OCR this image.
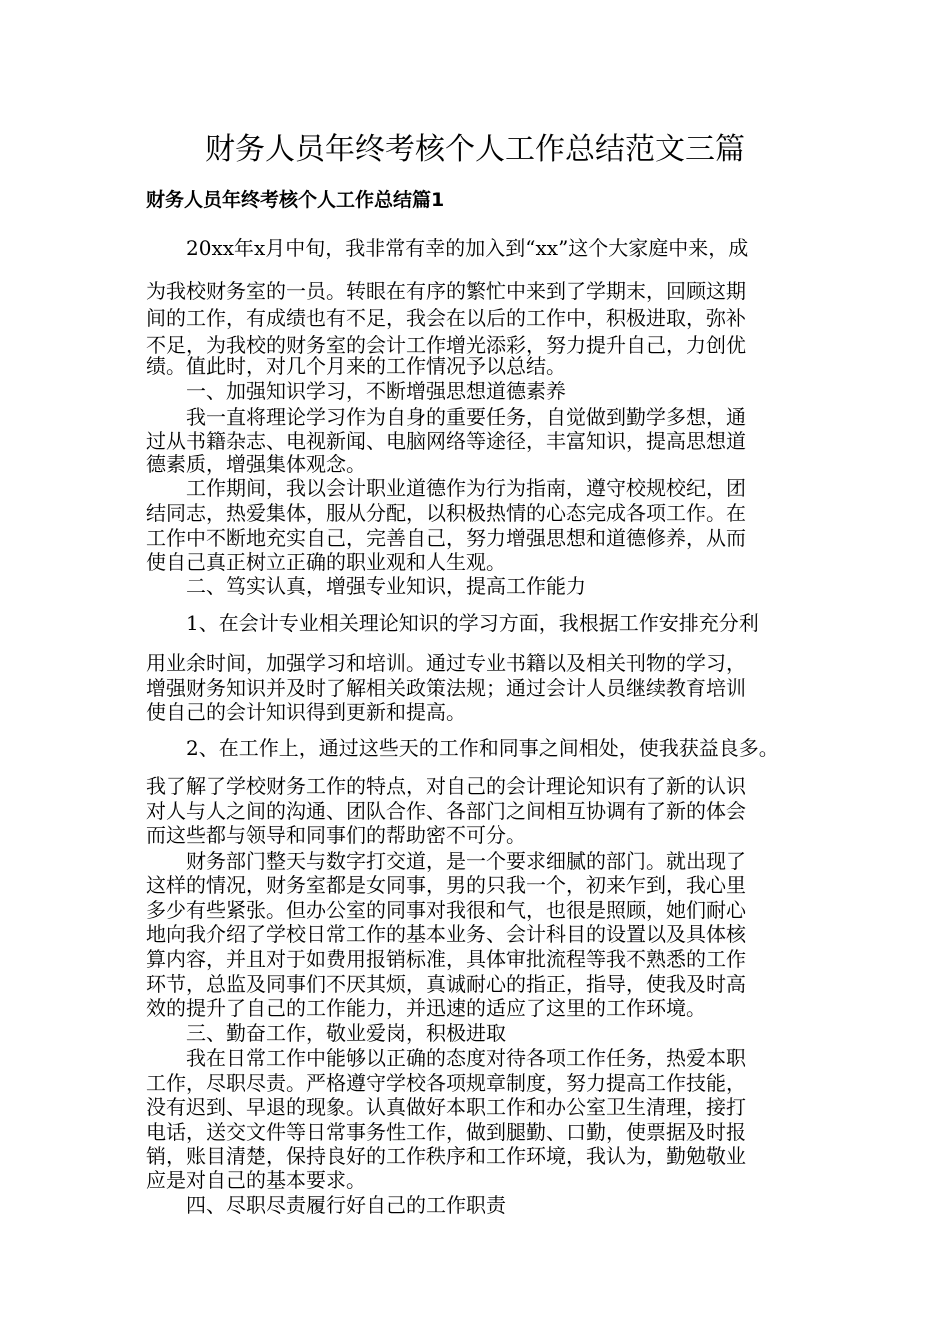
财务人员年终考核个人工作总结范文三篇
财务人员年终考核个人工作总结篇1
20xx年x月中旬，我非常有幸的加入到“xx”这个大家庭中来，成
为我校财务室的一员。转眼在有序的繁忙中来到了学期末，回顾这期
间的工作，有成绩也有不足，我会在以后的工作中，积极进取，弥补
不足，为我校的财务室的会计工作增光添彩，努力提升自己，力创优
绩。值此时，对几个月来的工作情况予以总结。
一、加强知识学习，不断增强思想道德素养
我一直将理论学习作为自身的重要任务，自觉做到勤学多想，通
过从书籍杂志、电视新闻、电脑网络等途径，丰富知识，提高思想道
德素质，增强集体观念。
工作期间，我以会计职业道德作为行为指南，遵守校规校纪，团
结同志，热爱集体，服从分配，以积极热情的心态完成各项工作。在
工作中不断地充实自己，完善自己，努力增强思想和道德修养，从而
使自己真正树立正确的职业观和人生观。
二、笃实认真，增强专业知识，提高工作能力
1、在会计专业相关理论知识的学习方面，我根据工作安排充分利
用业余时间，加强学习和培训。通过专业书籍以及相关刊物的学习，
增强财务知识并及时了解相关政策法规；通过会计人员继续教育培训
使自己的会计知识得到更新和提高。
2、在工作上，通过这些天的工作和同事之间相处，使我获益良多。
我了解了学校财务工作的特点，对自己的会计理论知识有了新的认识
对人与人之间的沟通、团队合作、各部门之间相互协调有了新的体会
而这些都与领导和同事们的帮助密不可分。
财务部门整天与数字打交道，是一个要求细腻的部门。就出现了
这样的情况，财务室都是女同事，男的只我一个，初来乍到，我心里
多少有些紧张。但办公室的同事对我很和气，也很是照顾，她们耐心
地向我介绍了学校日常工作的基本业务、会计科目的设置以及具体核
算内容，并且对于如费用报销标准，具体审批流程等我不熟悉的工作
环节，总监及同事们不厌其烦，真诚耐心的指正，指导，使我及时高
效的提升了自己的工作能力，并迅速的适应了这里的工作环境。
三、勤奋工作，敬业爱岗，积极进取
我在日常工作中能够以正确的态度对待各项工作任务，热爱本职
工作，尽职尽责。严格遵守学校各项规章制度，努力提高工作技能，
没有迟到、早退的现象。认真做好本职工作和办公室卫生清理，接打
电话，送交文件等日常事务性工作，做到腿勤、口勤，使票据及时报
销，账目清楚，保持良好的工作秩序和工作环境，我认为，勤勉敬业
应是对自己的基本要求。
四、尽职尽责履行好自己的工作职责
